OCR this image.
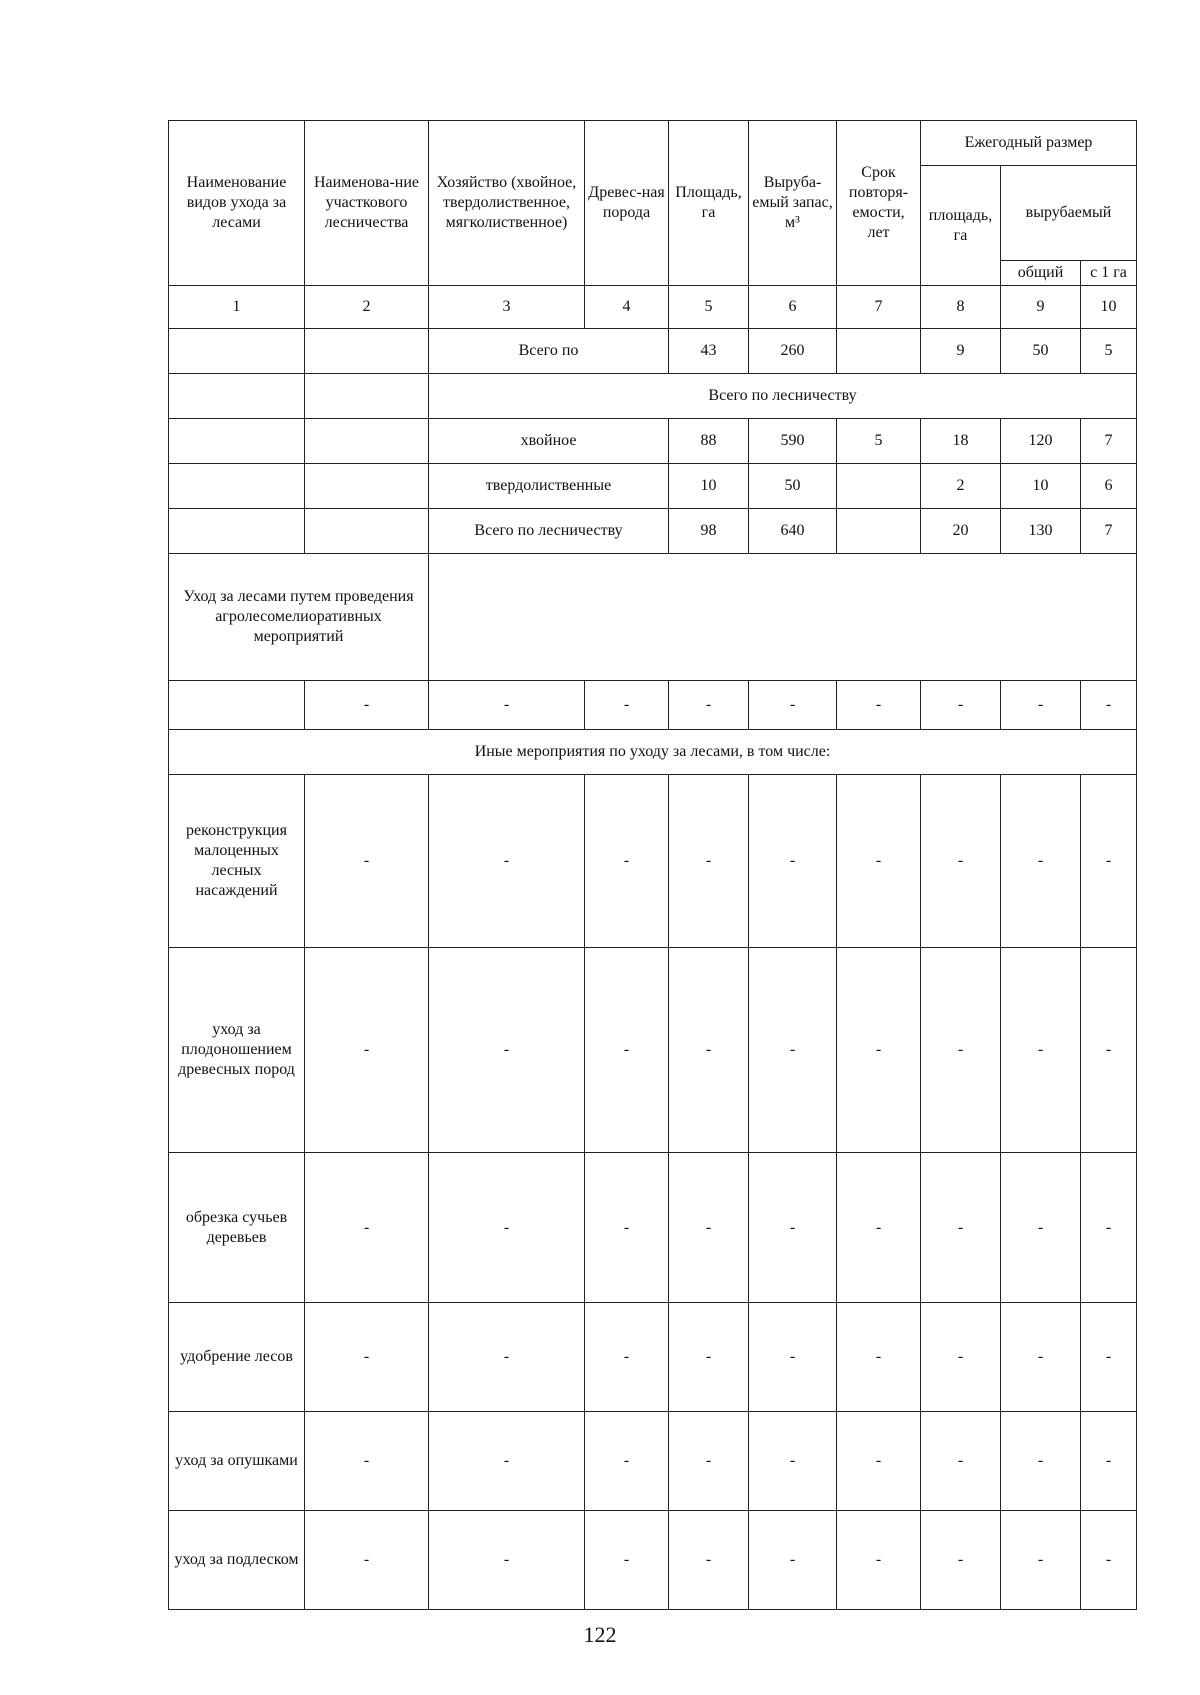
Наименование видов ухода за лесами	Наименова-ние участкового лесничества	Хозяйство (хвойное, твердолиственное, мягколиственное)	Древес-ная порода	Площадь, га	Выруба-емый запас, м³	Срок повторя-емости, лет	Ежегодный размер		
							площадь, га	вырубаемый	
								общий	с 1 га
1	2	3	4	5	6	7	8	9	10
		Всего по		43	260		9	50	5
		Всего по лесничеству							
		хвойное		88	590	5	18	120	7
		твердолиственные		10	50		2	10	6
		Всего по лесничеству		98	640		20	130	7
Уход за лесами путем проведения агролесомелиоративных мероприятий									
	-	-	-	-	-	-	-	-	-
Иные мероприятия по уходу за лесами, в том числе:									
реконструкция малоценных лесных насаждений	-	-	-	-	-	-	-	-	-
уход за плодоношением древесных пород	-	-	-	-	-	-	-	-	-
обрезка сучьев деревьев	-	-	-	-	-	-	-	-	-
удобрение лесов	-	-	-	-	-	-	-	-	-
уход за опушками	-	-	-	-	-	-	-	-	-
уход за подлеском	-	-	-	-	-	-	-	-	-
122
